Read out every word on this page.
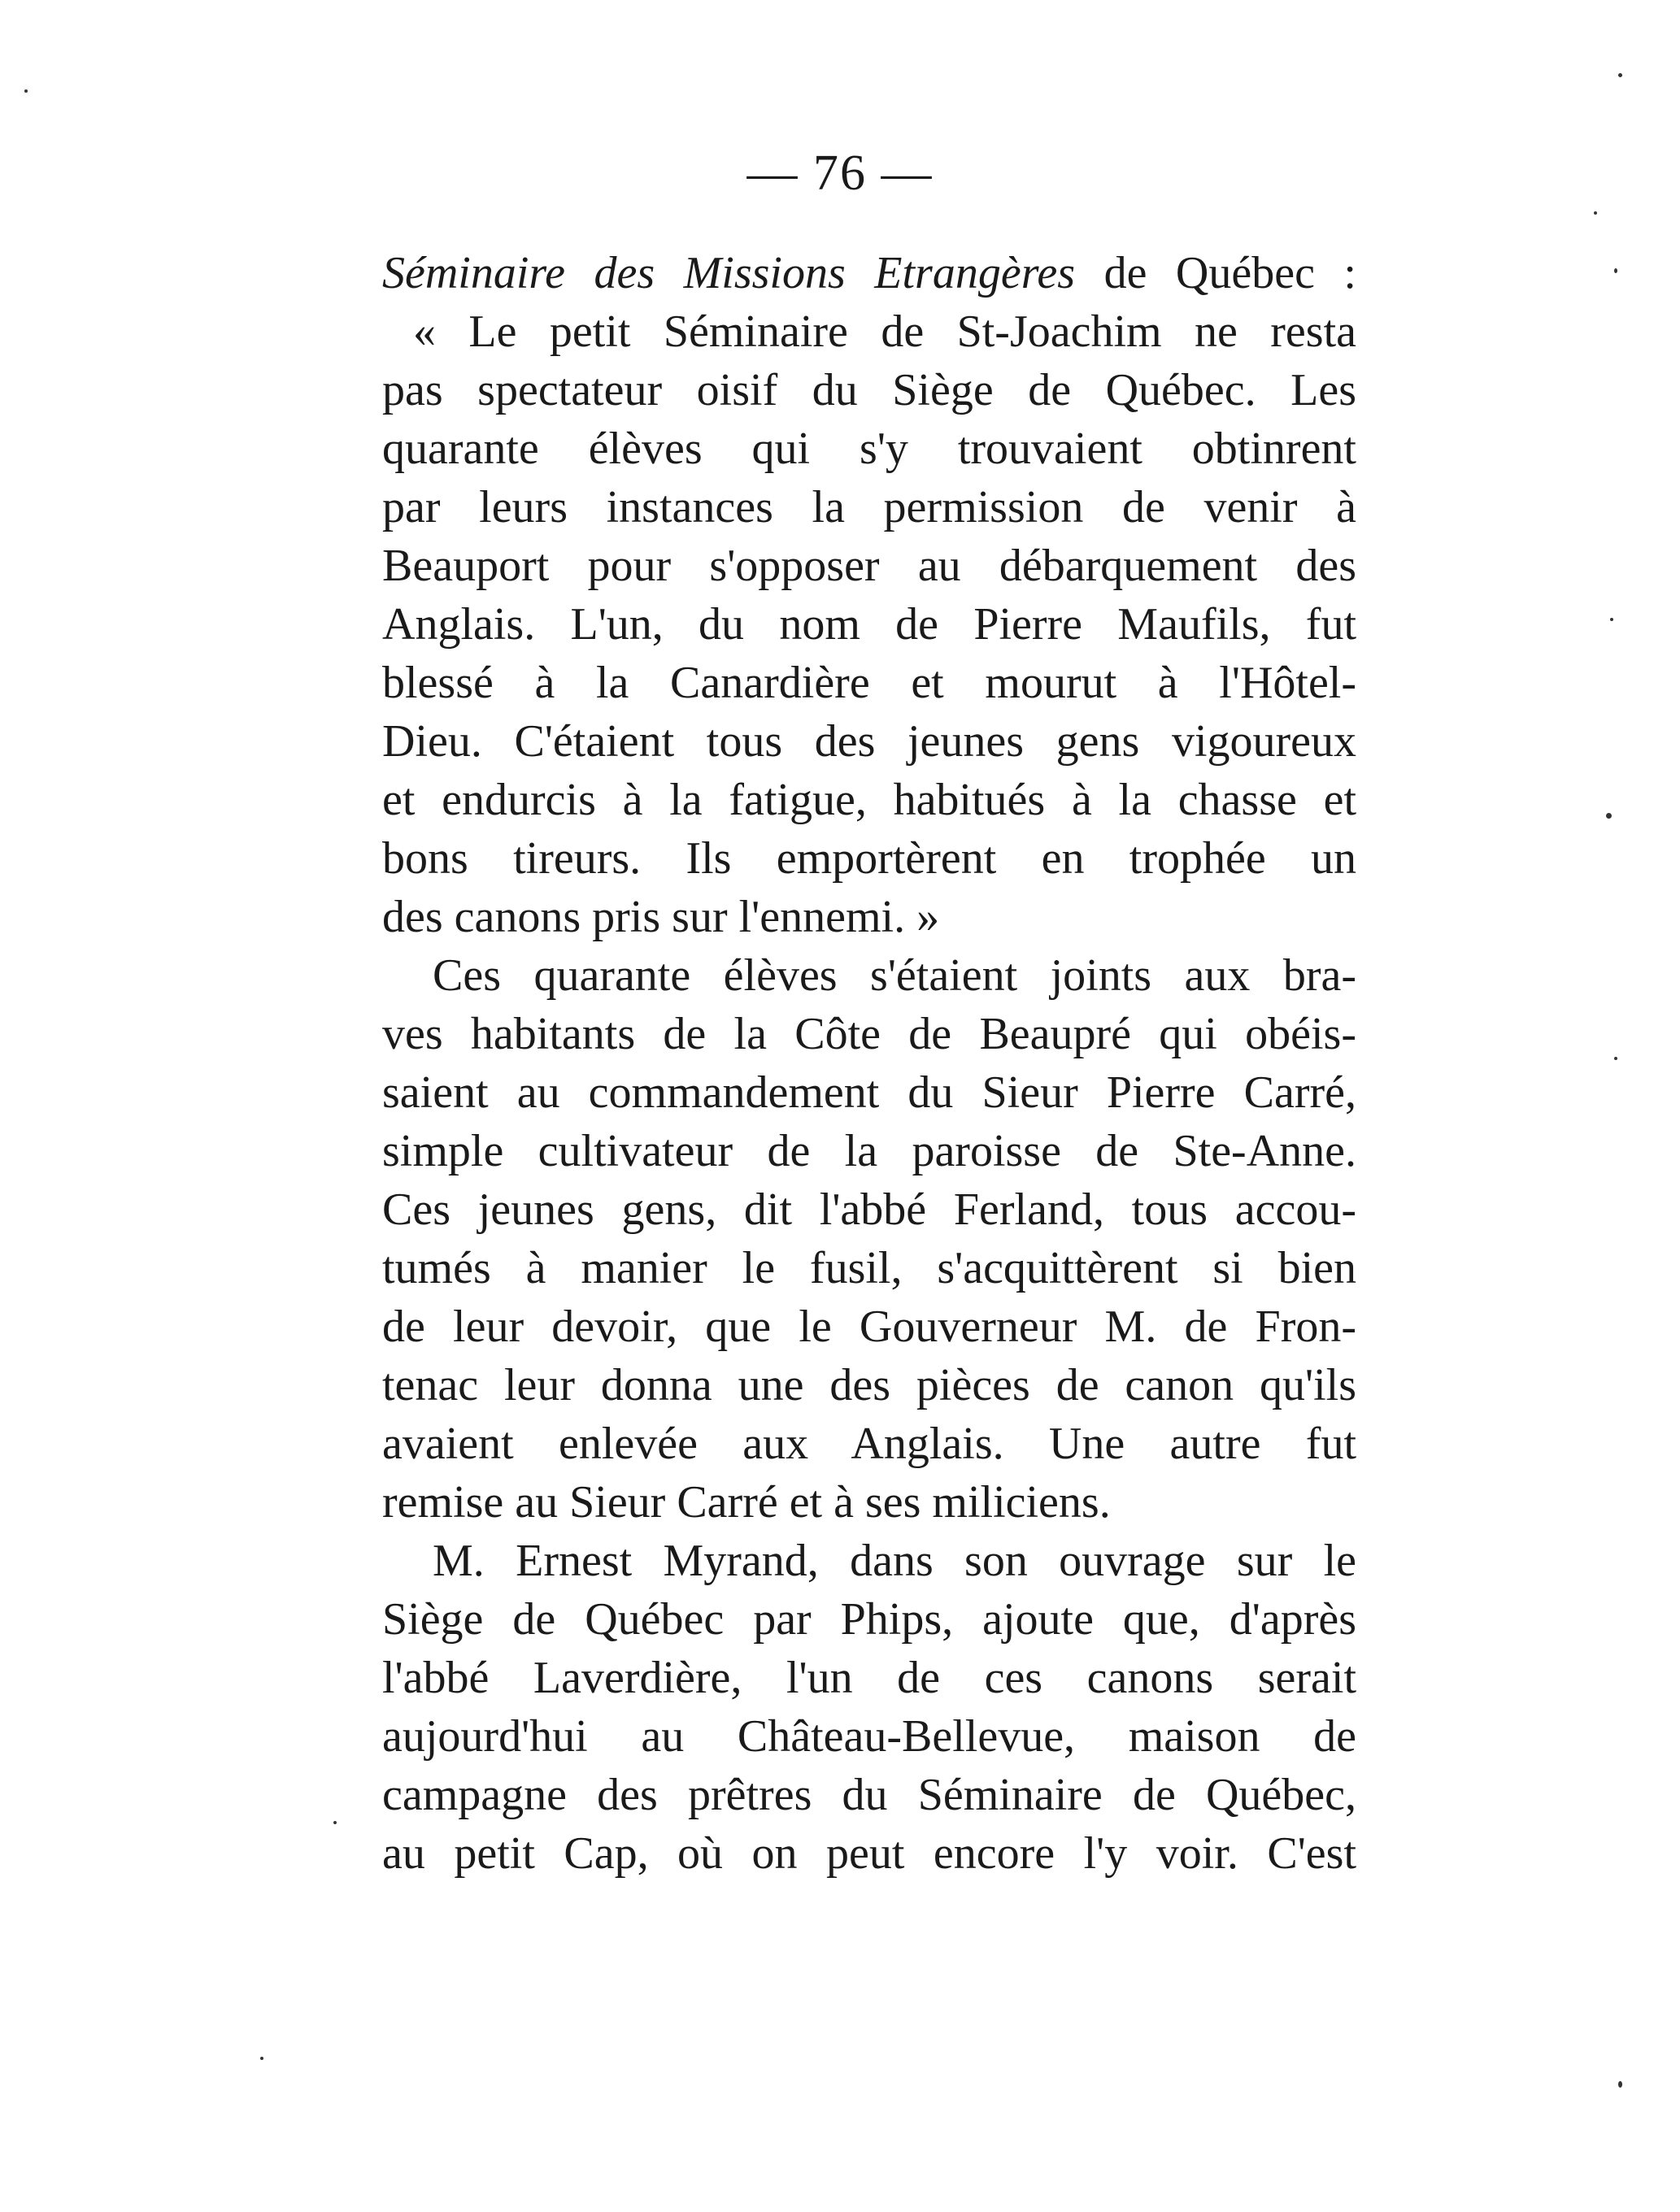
— 76 —
Séminaire des Missions Etrangères de Québec :
« Le petit Séminaire de St-Joachim ne resta
pas spectateur oisif du Siège de Québec. Les
quarante élèves qui s'y trouvaient obtinrent
par leurs instances la permission de venir à
Beauport pour s'opposer au débarquement des
Anglais. L'un, du nom de Pierre Maufils, fut
blessé à la Canardière et mourut à l'Hôtel-
Dieu. C'étaient tous des jeunes gens vigoureux
et endurcis à la fatigue, habitués à la chasse et
bons tireurs. Ils emportèrent en trophée un
des canons pris sur l'ennemi. »
Ces quarante élèves s'étaient joints aux bra-
ves habitants de la Côte de Beaupré qui obéis-
saient au commandement du Sieur Pierre Carré,
simple cultivateur de la paroisse de Ste-Anne.
Ces jeunes gens, dit l'abbé Ferland, tous accou-
tumés à manier le fusil, s'acquittèrent si bien
de leur devoir, que le Gouverneur M. de Fron-
tenac leur donna une des pièces de canon qu'ils
avaient enlevée aux Anglais. Une autre fut
remise au Sieur Carré et à ses miliciens.
M. Ernest Myrand, dans son ouvrage sur le
Siège de Québec par Phips, ajoute que, d'après
l'abbé Laverdière, l'un de ces canons serait
aujourd'hui au Château-Bellevue, maison de
campagne des prêtres du Séminaire de Québec,
au petit Cap, où on peut encore l'y voir. C'est
